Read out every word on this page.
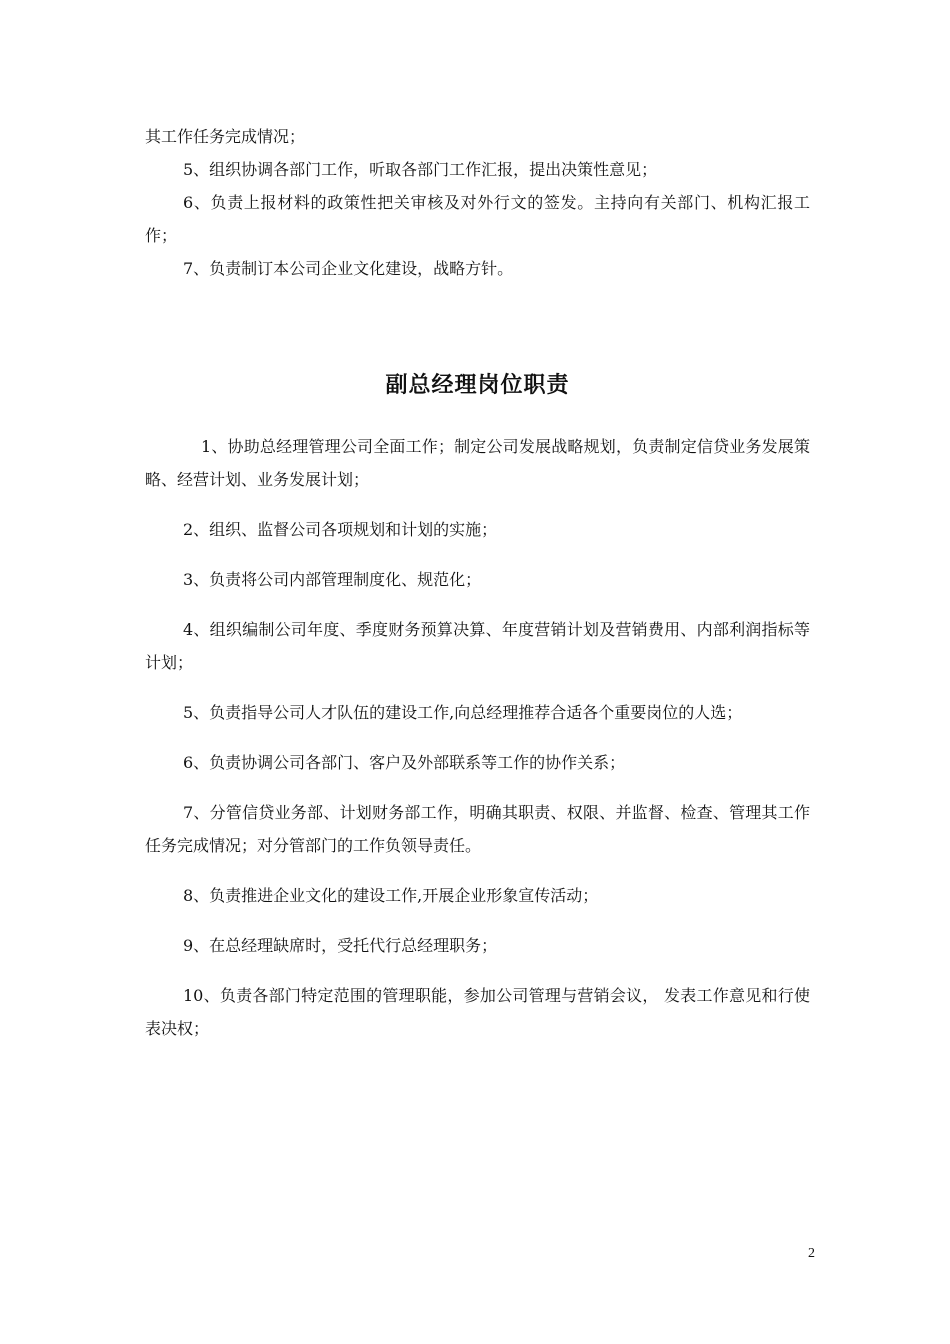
其工作任务完成情况；

5、组织协调各部门工作，听取各部门工作汇报，提出决策性意见；

6、负责上报材料的政策性把关审核及对外行文的签发。主持向有关部门、机构汇报工作；

7、负责制订本公司企业文化建设，战略方针。

副总经理岗位职责

1、协助总经理管理公司全面工作；制定公司发展战略规划，负责制定信贷业务发展策略、经营计划、业务发展计划；

2、组织、监督公司各项规划和计划的实施；

3、负责将公司内部管理制度化、规范化；

4、组织编制公司年度、季度财务预算决算、年度营销计划及营销费用、内部利润指标等计划；

5、负责指导公司人才队伍的建设工作,向总经理推荐合适各个重要岗位的人选；

6、负责协调公司各部门、客户及外部联系等工作的协作关系；

7、分管信贷业务部、计划财务部工作，明确其职责、权限、并监督、检查、管理其工作任务完成情况；对分管部门的工作负领导责任。

8、负责推进企业文化的建设工作,开展企业形象宣传活动；

9、在总经理缺席时，受托代行总经理职务；

10、负责各部门特定范围的管理职能，参加公司管理与营销会议， 发表工作意见和行使表决权；

2
